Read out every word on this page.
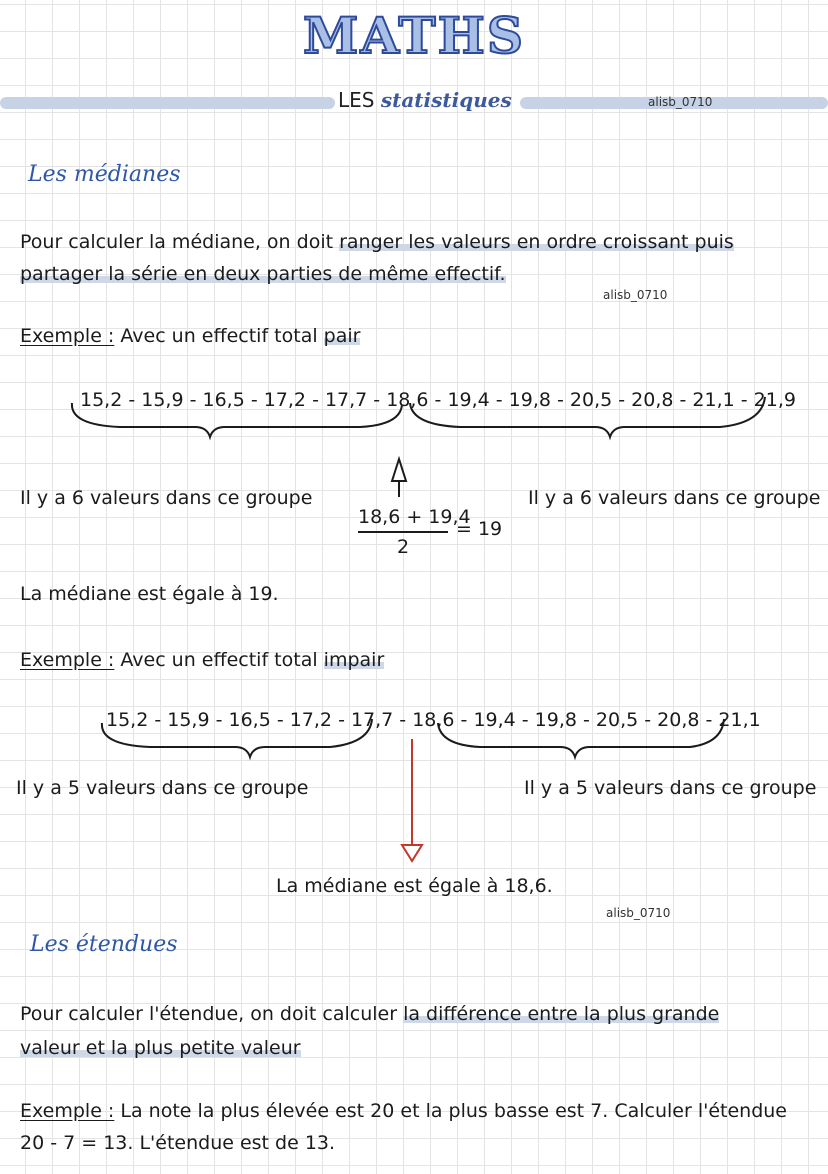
MATHS
LES statistiques	alisb_0710
Les médianes
Pour calculer la médiane, on doit ranger les valeurs en ordre croissant puis
partager la série en deux parties de même effectif.
alisb_0710
Exemple : Avec un effectif total pair
15,2 - 15,9 - 16,5 - 17,2 - 17,7 - 18,6 - 19,4 - 19,8 - 20,5 - 20,8 - 21,1 - 21,9
Il y a 6 valeurs dans ce groupe	Il y a 6 valeurs dans ce groupe
18,6 + 19,4
2
= 19
La médiane est égale à 19.
Exemple : Avec un effectif total impair
15,2 - 15,9 - 16,5 - 17,2 - 17,7 - 18,6 - 19,4 - 19,8 - 20,5 - 20,8 - 21,1
Il y a 5 valeurs dans ce groupe	Il y a 5 valeurs dans ce groupe
La médiane est égale à 18,6.
alisb_0710
Les étendues
Pour calculer l'étendue, on doit calculer la différence entre la plus grande
valeur et la plus petite valeur
Exemple : La note la plus élevée est 20 et la plus basse est 7. Calculer l'étendue
20 - 7 = 13. L'étendue est de 13.
